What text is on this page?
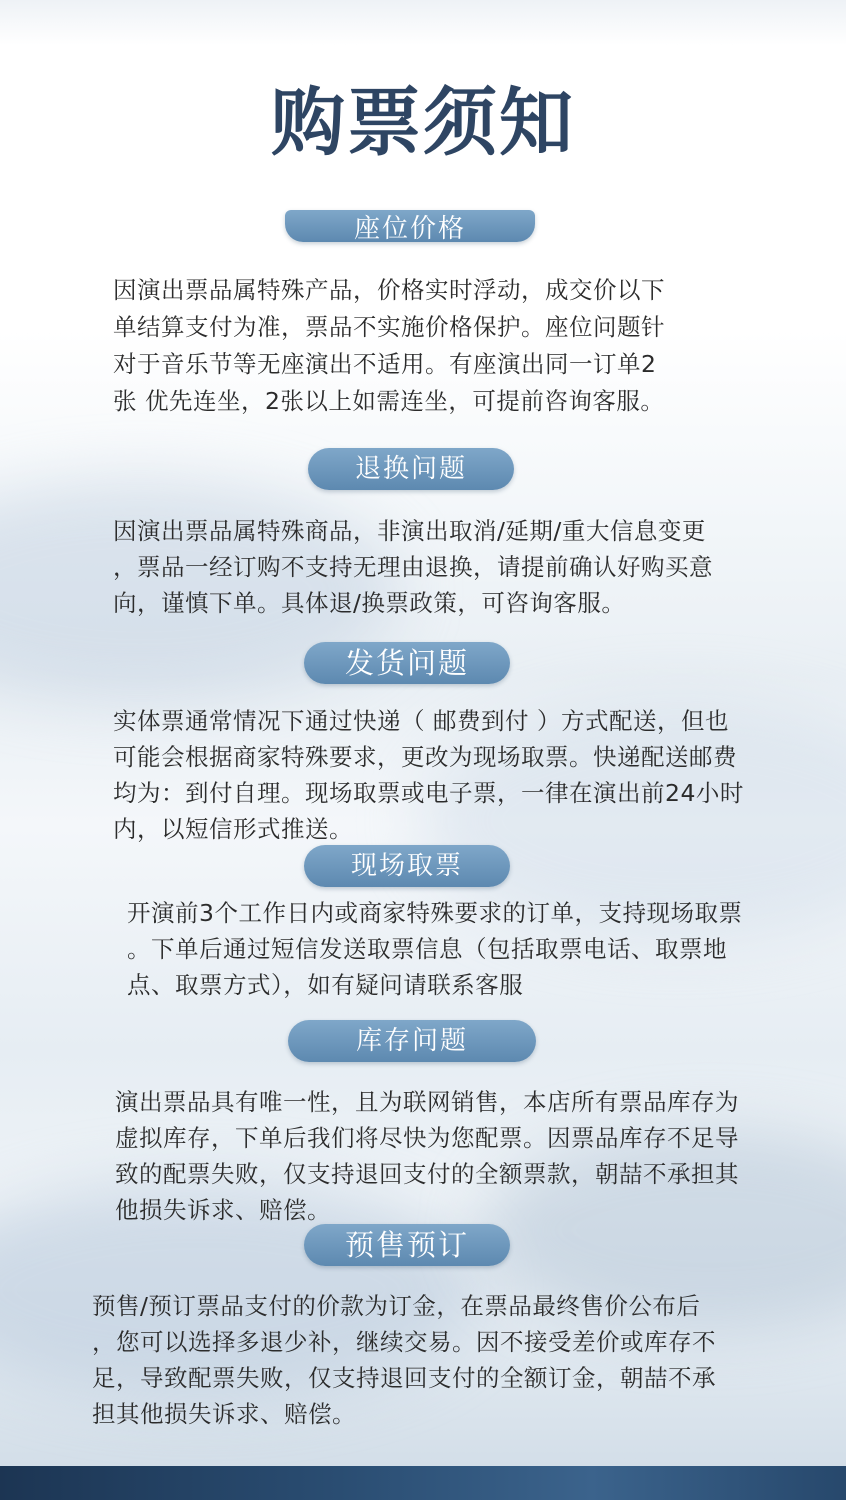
购票须知
座位价格

因演出票品属特殊产品，价格实时浮动，成交价以下
单结算支付为准，票品不实施价格保护。座位问题针
对于音乐节等无座演出不适用。有座演出同一订单2
张 优先连坐，2张以上如需连坐，可提前咨询客服。

退换问题

因演出票品属特殊商品，非演出取消/延期/重大信息变更
，票品一经订购不支持无理由退换，请提前确认好购买意
向，谨慎下单。具体退/换票政策，可咨询客服。

发货问题

实体票通常情况下通过快递（ 邮费到付 ）方式配送，但也
可能会根据商家特殊要求，更改为现场取票。快递配送邮费
均为：到付自理。现场取票或电子票，一律在演出前24小时
内，以短信形式推送。

现场取票

开演前3个工作日内或商家特殊要求的订单，支持现场取票
。下单后通过短信发送取票信息（包括取票电话、取票地
点、取票方式），如有疑问请联系客服

库存问题

演出票品具有唯一性，且为联网销售，本店所有票品库存为
虚拟库存，下单后我们将尽快为您配票。因票品库存不足导
致的配票失败，仅支持退回支付的全额票款，朝喆不承担其
他损失诉求、赔偿。

预售预订

预售/预订票品支付的价款为订金，在票品最终售价公布后
，您可以选择多退少补，继续交易。因不接受差价或库存不
足，导致配票失败，仅支持退回支付的全额订金，朝喆不承
担其他损失诉求、赔偿。
